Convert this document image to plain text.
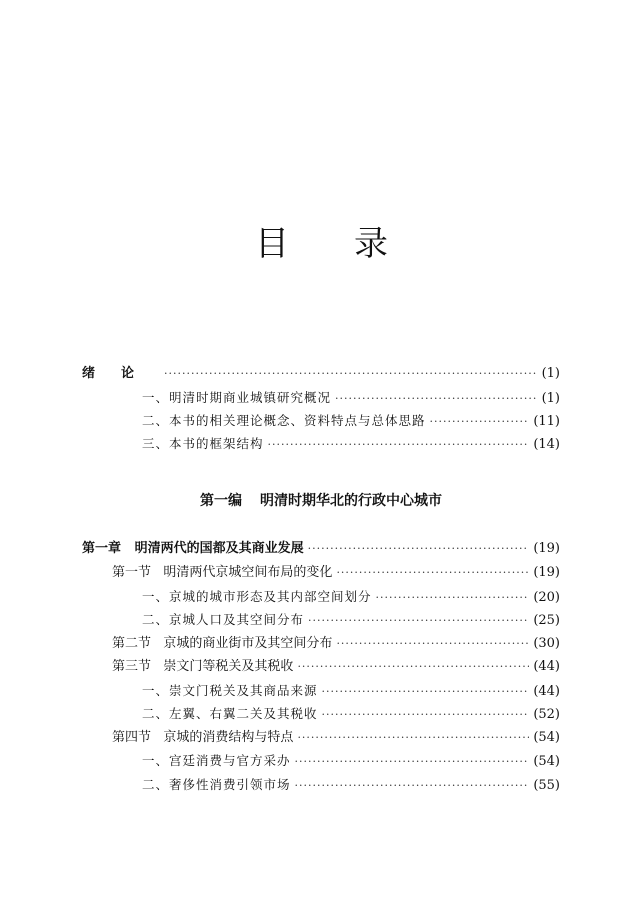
目 录
绪论 ·····	(1)
一、明清时期商业城镇研究概况 ·····	(1)
二、本书的相关理论概念、资料特点与总体思路 ·····	(11)
三、本书的框架结构 ·····	(14)
第一编 明清时期华北的行政中心城市
第一章 明清两代的国都及其商业发展 ·····	(19)
第一节 明清两代京城空间布局的变化 ·····	(19)
一、京城的城市形态及其内部空间划分 ·····	(20)
二、京城人口及其空间分布 ·····	(25)
第二节 京城的商业街市及其空间分布 ·····	(30)
第三节 崇文门等税关及其税收 ·····	(44)
一、崇文门税关及其商品来源 ·····	(44)
二、左翼、右翼二关及其税收 ·····	(52)
第四节 京城的消费结构与特点 ·····	(54)
一、宫廷消费与官方采办 ·····	(54)
二、奢侈性消费引领市场 ·····	(55)
